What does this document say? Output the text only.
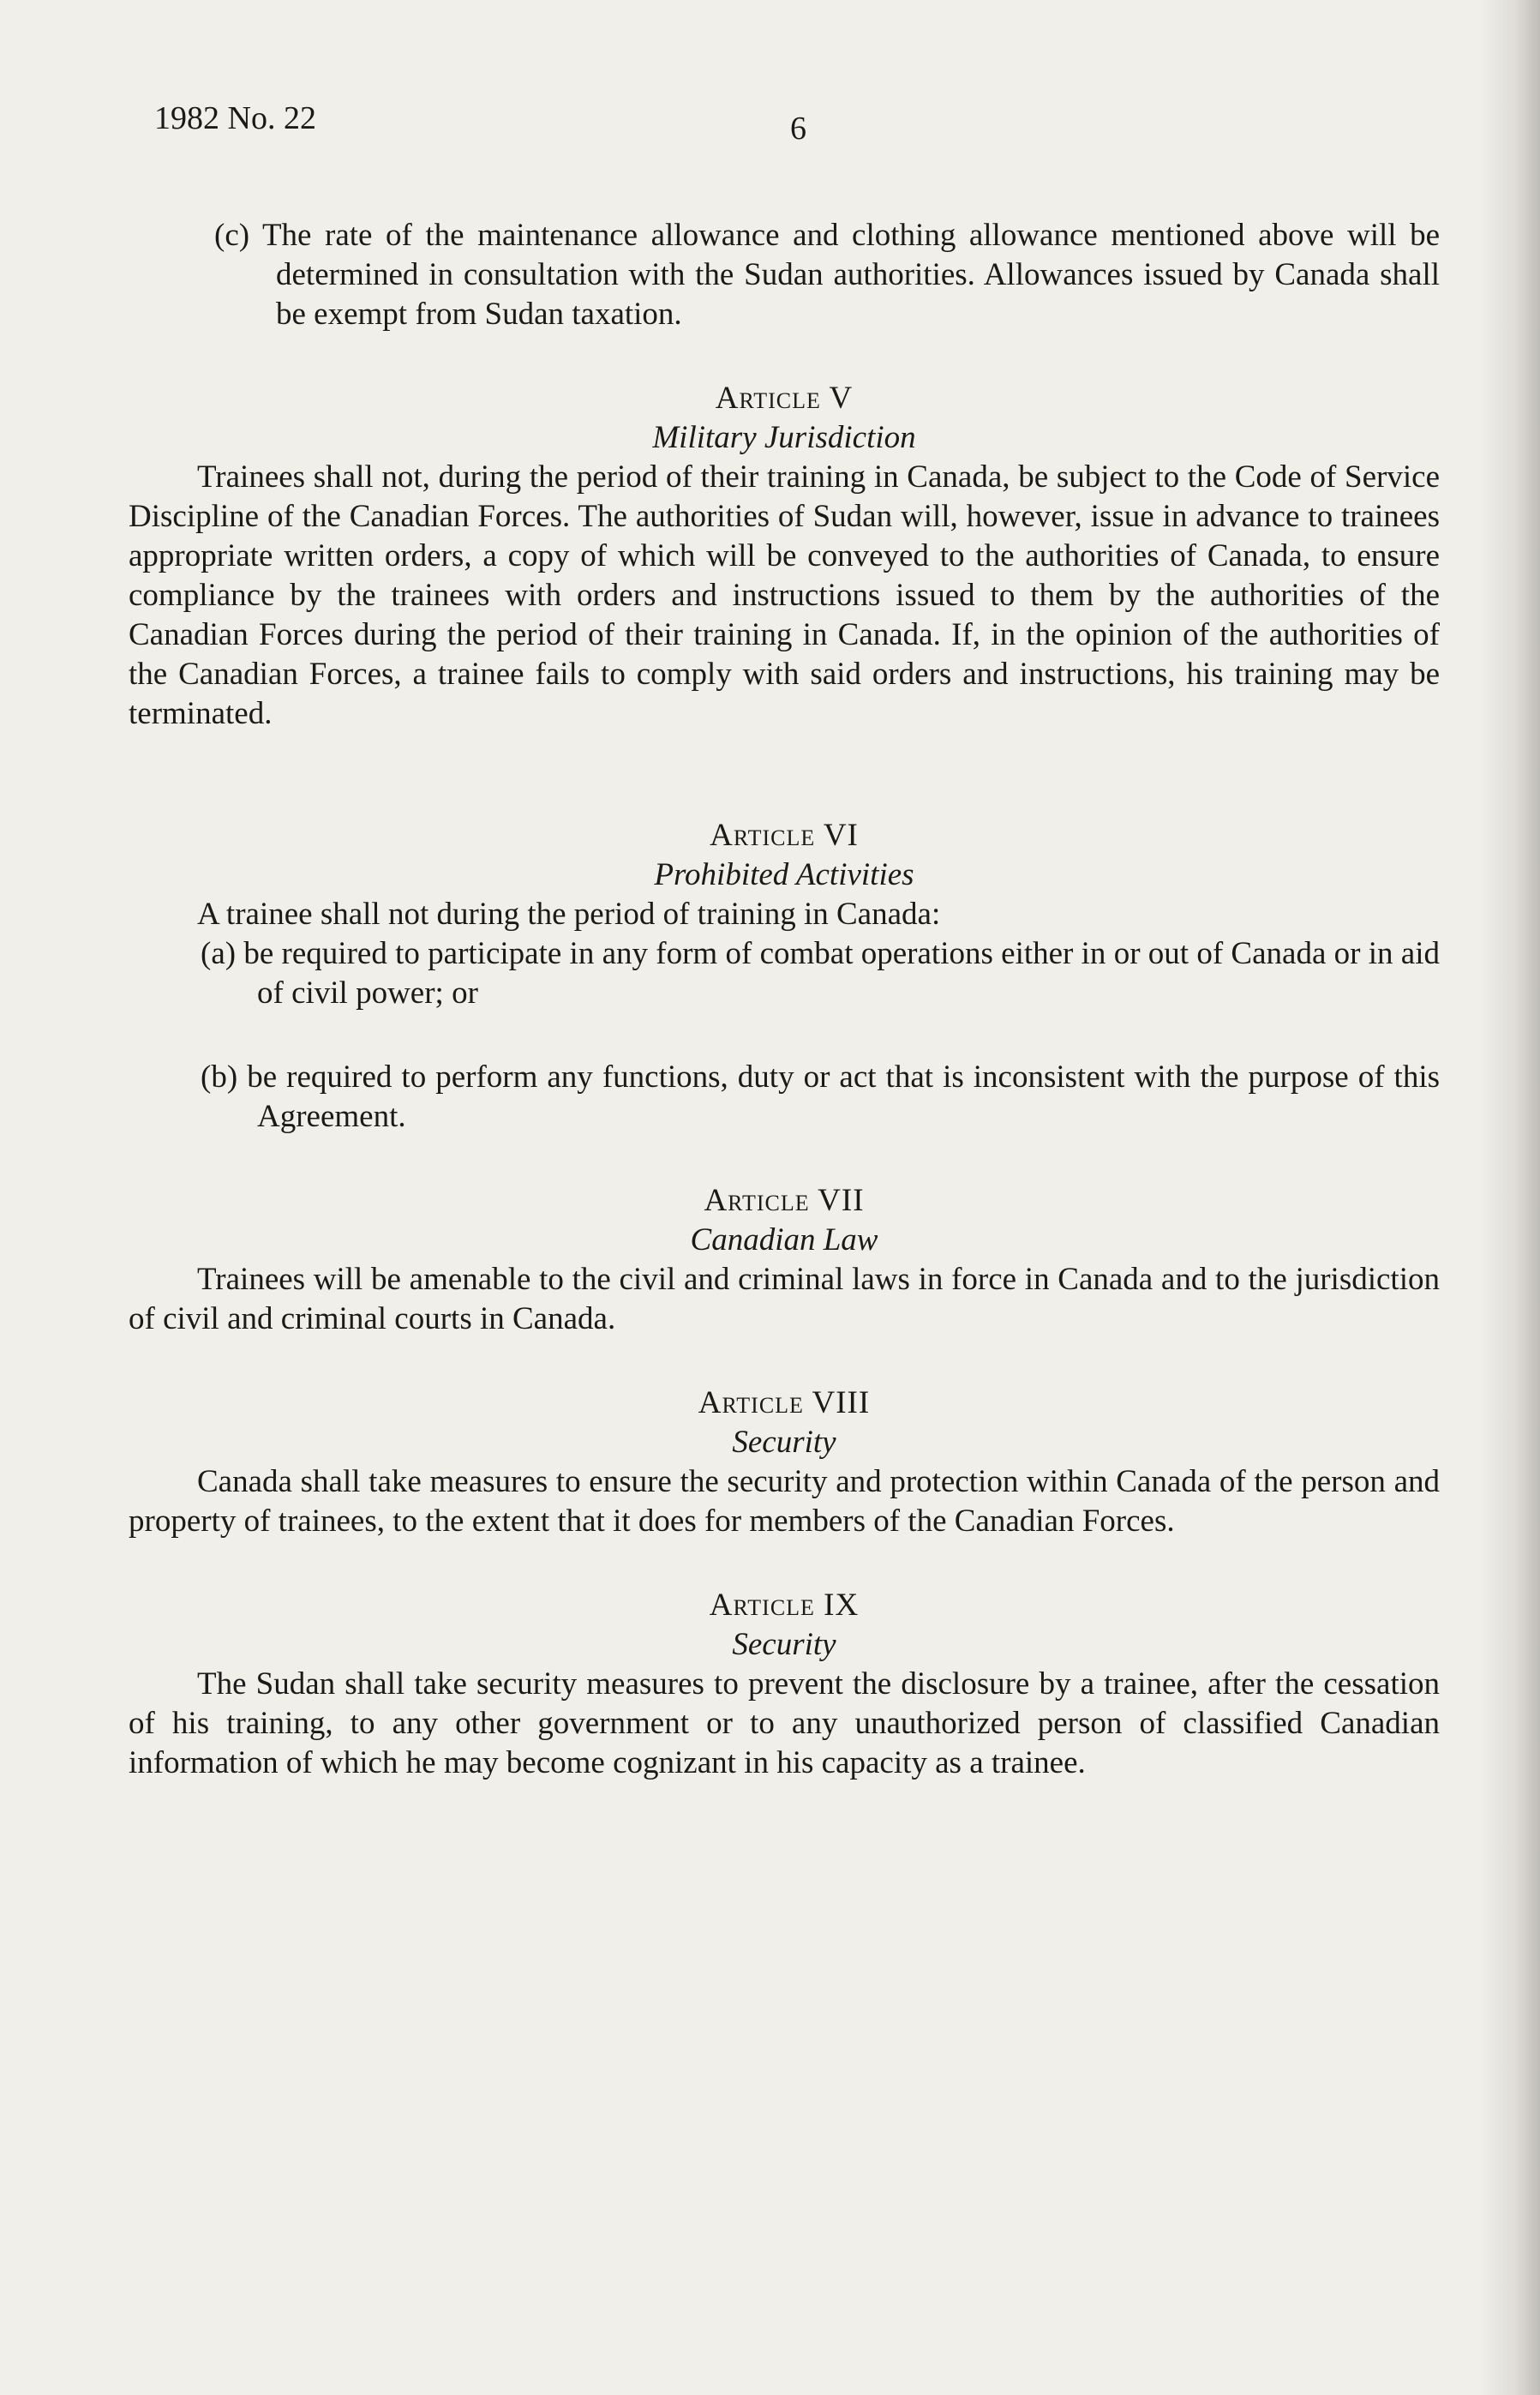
1982 No. 22	6

(c) The rate of the maintenance allowance and clothing allowance mentioned above will be determined in consultation with the Sudan authorities. Allowances issued by Canada shall be exempt from Sudan taxation.

Article V

Military Jurisdiction

Trainees shall not, during the period of their training in Canada, be subject to the Code of Service Discipline of the Canadian Forces. The authorities of Sudan will, however, issue in advance to trainees appropriate written orders, a copy of which will be conveyed to the authorities of Canada, to ensure compliance by the trainees with orders and instructions issued to them by the authorities of the Canadian Forces during the period of their training in Canada. If, in the opinion of the authorities of the Canadian Forces, a trainee fails to comply with said orders and instructions, his training may be terminated.

Article VI

Prohibited Activities

A trainee shall not during the period of training in Canada:

(a) be required to participate in any form of combat operations either in or out of Canada or in aid of civil power; or

(b) be required to perform any functions, duty or act that is inconsistent with the purpose of this Agreement.

Article VII

Canadian Law

Trainees will be amenable to the civil and criminal laws in force in Canada and to the jurisdiction of civil and criminal courts in Canada.

Article VIII

Security

Canada shall take measures to ensure the security and protection within Canada of the person and property of trainees, to the extent that it does for members of the Canadian Forces.

Article IX

Security

The Sudan shall take security measures to prevent the disclosure by a trainee, after the cessation of his training, to any other government or to any unauthorized person of classified Canadian information of which he may become cognizant in his capacity as a trainee.
